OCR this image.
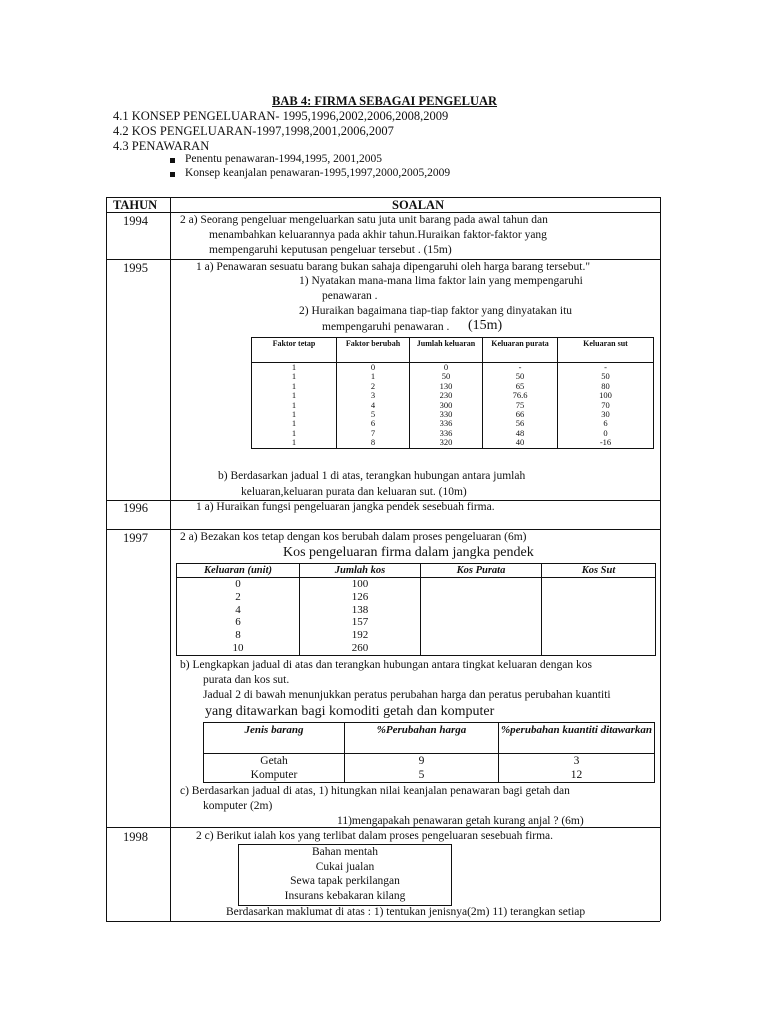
BAB 4: FIRMA SEBAGAI PENGELUAR
4.1 KONSEP PENGELUARAN- 1995,1996,2002,2006,2008,2009
4.2 KOS PENGELUARAN-1997,1998,2001,2006,2007
4.3 PENAWARAN
Penentu penawaran-1994,1995, 2001,2005
Konsep keanjalan penawaran-1995,1997,2000,2005,2009
TAHUN	SOALAN
1994	2 a) Seorang pengeluar mengeluarkan satu juta unit barang pada awal tahun dan
menambahkan keluarannya pada akhir tahun.Huraikan faktor-faktor yang
mempengaruhi keputusan pengeluar tersebut . (15m)
1995	1 a) Penawaran sesuatu barang bukan sahaja dipengaruhi oleh harga barang tersebut."
1) Nyatakan mana-mana lima faktor lain yang mempengaruhi
penawaran .
2) Huraikan bagaimana tiap-tiap faktor yang dinyatakan itu
mempengaruhi penawaran . (15m)
Faktor tetap	Faktor berubah	Jumlah keluaran	Keluaran purata	Keluaran sut
1	0	0	-	-
1	1	50	50	50
1	2	130	65	80
1	3	230	76.6	100
1	4	300	75	70
1	5	330	66	30
1	6	336	56	6
1	7	336	48	0
1	8	320	40	-16
b) Berdasarkan jadual 1 di atas, terangkan hubungan antara jumlah
keluaran,keluaran purata dan keluaran sut. (10m)
1996	1 a) Huraikan fungsi pengeluaran jangka pendek sesebuah firma.
1997	2 a) Bezakan kos tetap dengan kos berubah dalam proses pengeluaran (6m)
Kos pengeluaran firma dalam jangka pendek
Keluaran (unit)	Jumlah kos	Kos Purata	Kos Sut
0	100		
2	126		
4	138		
6	157		
8	192		
10	260		
b) Lengkapkan jadual di atas dan terangkan hubungan antara tingkat keluaran dengan kos
purata dan kos sut.
Jadual 2 di bawah menunjukkan peratus perubahan harga dan peratus perubahan kuantiti
yang ditawarkan bagi komoditi getah dan komputer
Jenis barang	%Perubahan harga	%perubahan kuantiti ditawarkan
Getah	9	3
Komputer	5	12
c) Berdasarkan jadual di atas, 1) hitungkan nilai keanjalan penawaran bagi getah dan
komputer (2m)
11)mengapakah penawaran getah kurang anjal ? (6m)
1998	2 c) Berikut ialah kos yang terlibat dalam proses pengeluaran sesebuah firma.
Bahan mentah
Cukai jualan
Sewa tapak perkilangan
Insurans kebakaran kilang
Berdasarkan maklumat di atas : 1) tentukan jenisnya(2m) 11) terangkan setiap
